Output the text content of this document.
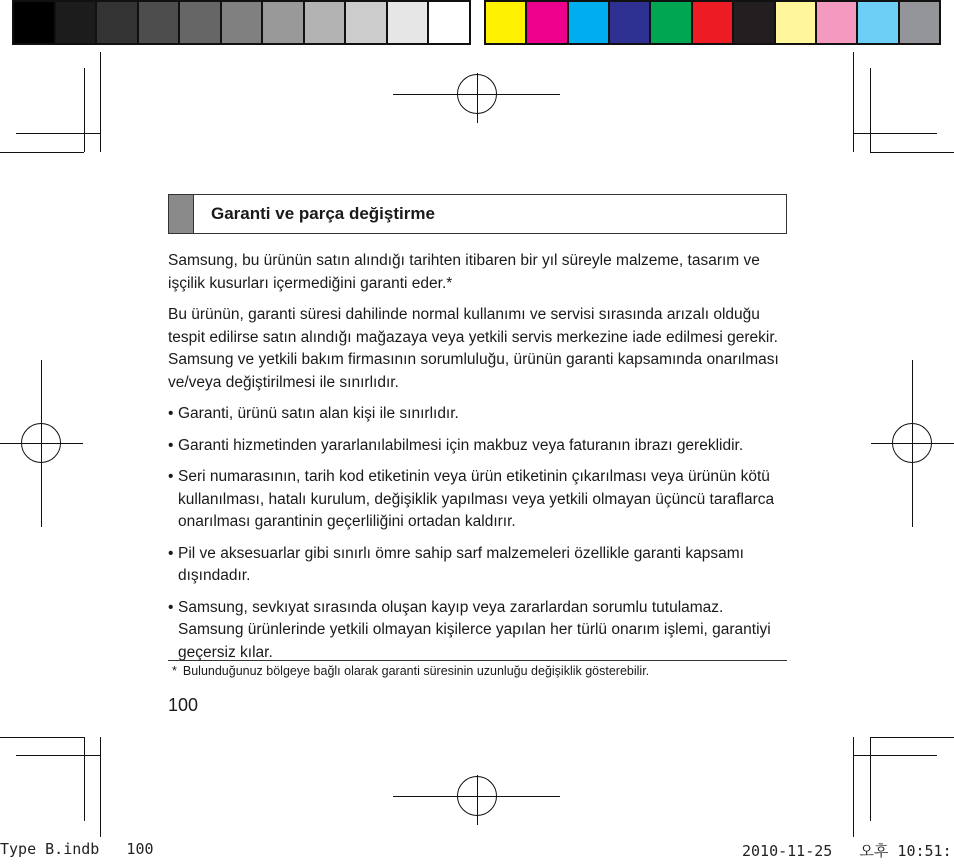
Garanti ve parça değiştirme

Samsung, bu ürünün satın alındığı tarihten itibaren bir yıl süreyle malzeme, tasarım ve işçilik kusurları içermediğini garanti eder.*

Bu ürünün, garanti süresi dahilinde normal kullanımı ve servisi sırasında arızalı olduğu tespit edilirse satın alındığı mağazaya veya yetkili servis merkezine iade edilmesi gerekir. Samsung ve yetkili bakım firmasının sorumluluğu, ürünün garanti kapsamında onarılması ve/veya değiştirilmesi ile sınırlıdır.

• Garanti, ürünü satın alan kişi ile sınırlıdır.
• Garanti hizmetinden yararlanılabilmesi için makbuz veya faturanın ibrazı gereklidir.
• Seri numarasının, tarih kod etiketinin veya ürün etiketinin çıkarılması veya ürünün kötü kullanılması, hatalı kurulum, değişiklik yapılması veya yetkili olmayan üçüncü taraflarca onarılması garantinin geçerliliğini ortadan kaldırır.
• Pil ve aksesuarlar gibi sınırlı ömre sahip sarf malzemeleri özellikle garanti kapsamı dışındadır.
• Samsung, sevkıyat sırasında oluşan kayıp veya zararlardan sorumlu tutulamaz. Samsung ürünlerinde yetkili olmayan kişilerce yapılan her türlü onarım işlemi, garantiyi geçersiz kılar.
* Bulunduğunuz bölgeye bağlı olarak garanti süresinin uzunluğu değişiklik gösterebilir.
100
Type B.indb   100	2010-11-25   오후 10:51:
